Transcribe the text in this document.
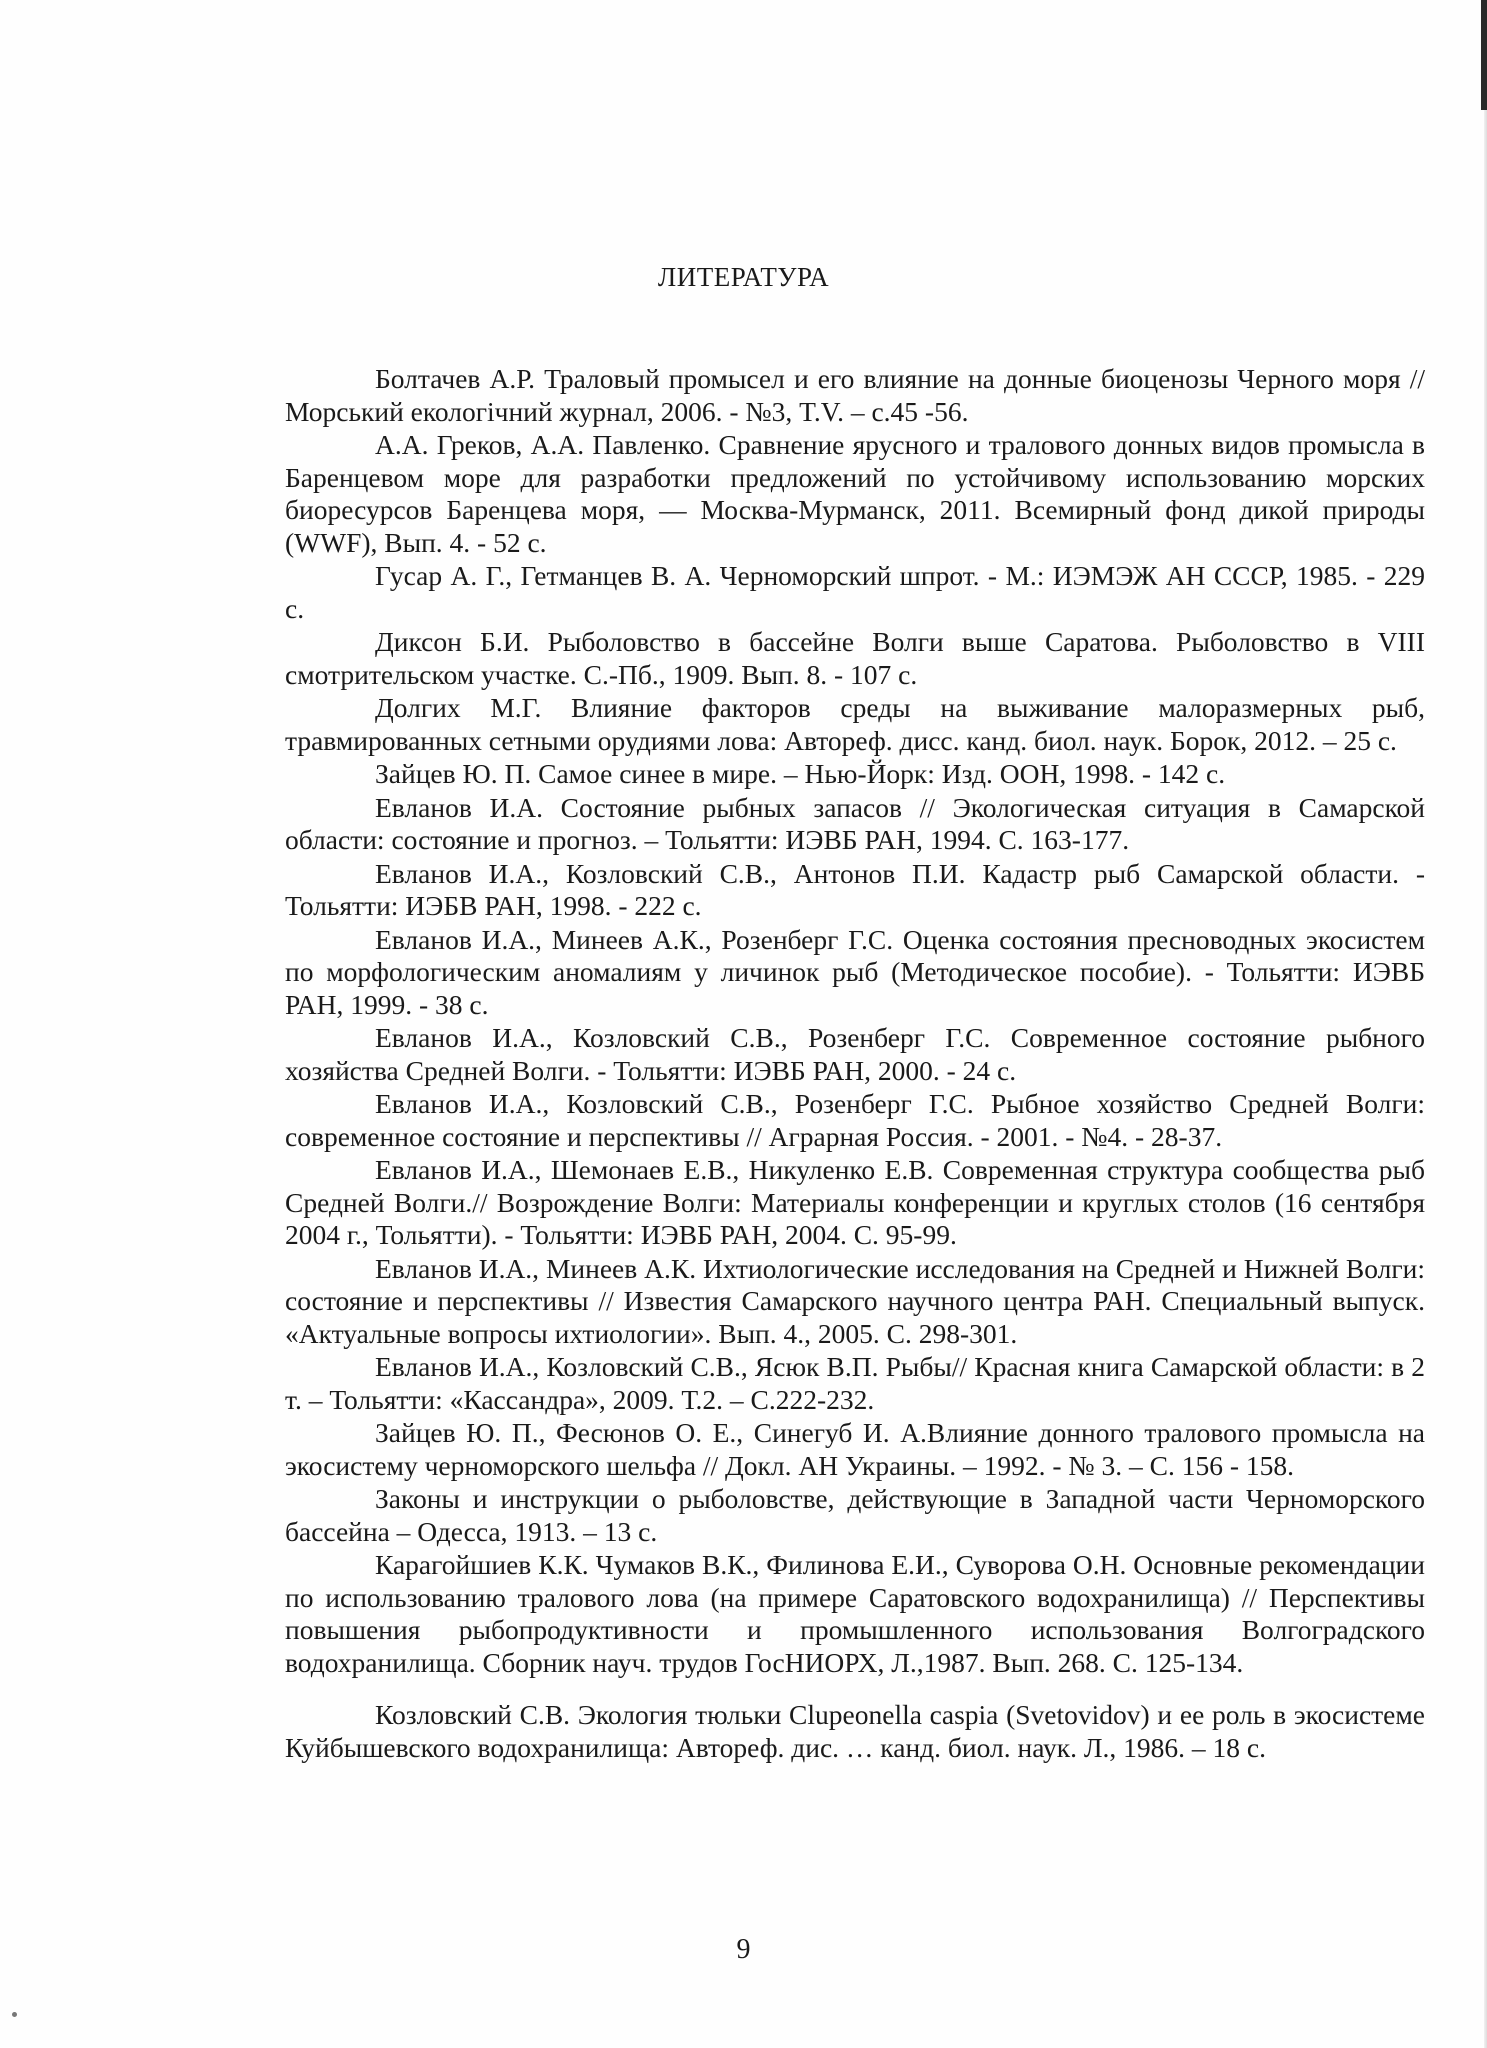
ЛИТЕРАТУРА
Болтачев А.Р. Траловый промысел и его влияние на донные биоценозы Черного моря // Морський екологічний журнал, 2006. - №3, T.V. – с.45 -56.
А.А. Греков, А.А. Павленко. Сравнение ярусного и тралового донных видов промысла в Баренцевом море для разработки предложений по устойчивому использованию морских биоресурсов Баренцева моря, — Москва-Мурманск, 2011. Всемирный фонд дикой природы (WWF), Вып. 4. - 52 с.
Гусар А. Г., Гетманцев В. А. Черноморский шпрот. - М.: ИЭМЭЖ АН СССР, 1985. - 229 с.
Диксон Б.И. Рыболовство в бассейне Волги выше Саратова. Рыболовство в VIII смотрительском участке. С.-Пб., 1909. Вып. 8. - 107 с.
Долгих М.Г. Влияние факторов среды на выживание малоразмерных рыб, травмированных сетными орудиями лова: Автореф. дисс. канд. биол. наук. Борок, 2012. – 25 с.
Зайцев Ю. П. Самое синее в мире. – Нью-Йорк: Изд. ООН, 1998. - 142 с.
Евланов И.А. Состояние рыбных запасов // Экологическая ситуация в Самарской области: состояние и прогноз. – Тольятти: ИЭВБ РАН, 1994. С. 163-177.
Евланов И.А., Козловский С.В., Антонов П.И. Кадастр рыб Самарской области. - Тольятти: ИЭБВ РАН, 1998. - 222 с.
Евланов И.А., Минеев А.К., Розенберг Г.С. Оценка состояния пресноводных экосистем по морфологическим аномалиям у личинок рыб (Методическое пособие). - Тольятти: ИЭВБ РАН, 1999. - 38 с.
Евланов И.А., Козловский С.В., Розенберг Г.С. Современное состояние рыбного хозяйства Средней Волги. - Тольятти: ИЭВБ РАН, 2000. - 24 с.
Евланов И.А., Козловский С.В., Розенберг Г.С. Рыбное хозяйство Средней Волги: современное состояние и перспективы // Аграрная Россия. - 2001. - №4. - 28-37.
Евланов И.А., Шемонаев Е.В., Никуленко Е.В. Современная структура сообщества рыб Средней Волги.// Возрождение Волги: Материалы конференции и круглых столов (16 сентября 2004 г., Тольятти). - Тольятти: ИЭВБ РАН, 2004. С. 95-99.
Евланов И.А., Минеев А.К. Ихтиологические исследования на Средней и Нижней Волги: состояние и перспективы // Известия Самарского научного центра РАН. Специальный выпуск. «Актуальные вопросы ихтиологии». Вып. 4., 2005. С. 298-301.
Евланов И.А., Козловский С.В., Ясюк В.П. Рыбы// Красная книга Самарской области: в 2 т. – Тольятти: «Кассандра», 2009. Т.2. – С.222-232.
Зайцев Ю. П., Фесюнов О. Е., Синегуб И. А.Влияние донного тралового промысла на экосистему черноморского шельфа // Докл. АН Украины. – 1992. - № 3. – С. 156 - 158.
Законы и инструкции о рыболовстве, действующие в Западной части Черноморского бассейна – Одесса, 1913. – 13 с.
Карагойшиев К.К. Чумаков В.К., Филинова Е.И., Суворова О.Н. Основные рекомендации по использованию тралового лова (на примере Саратовского водохранилища) // Перспективы повышения рыбопродуктивности и промышленного использования Волгоградского водохранилища. Сборник науч. трудов ГосНИОРХ, Л.,1987. Вып. 268. С. 125-134.
Козловский С.В. Экология тюльки Clupeonella caspia (Svetovidov) и ее роль в экосистеме Куйбышевского водохранилища: Автореф. дис. … канд. биол. наук. Л., 1986. – 18 с.
9
